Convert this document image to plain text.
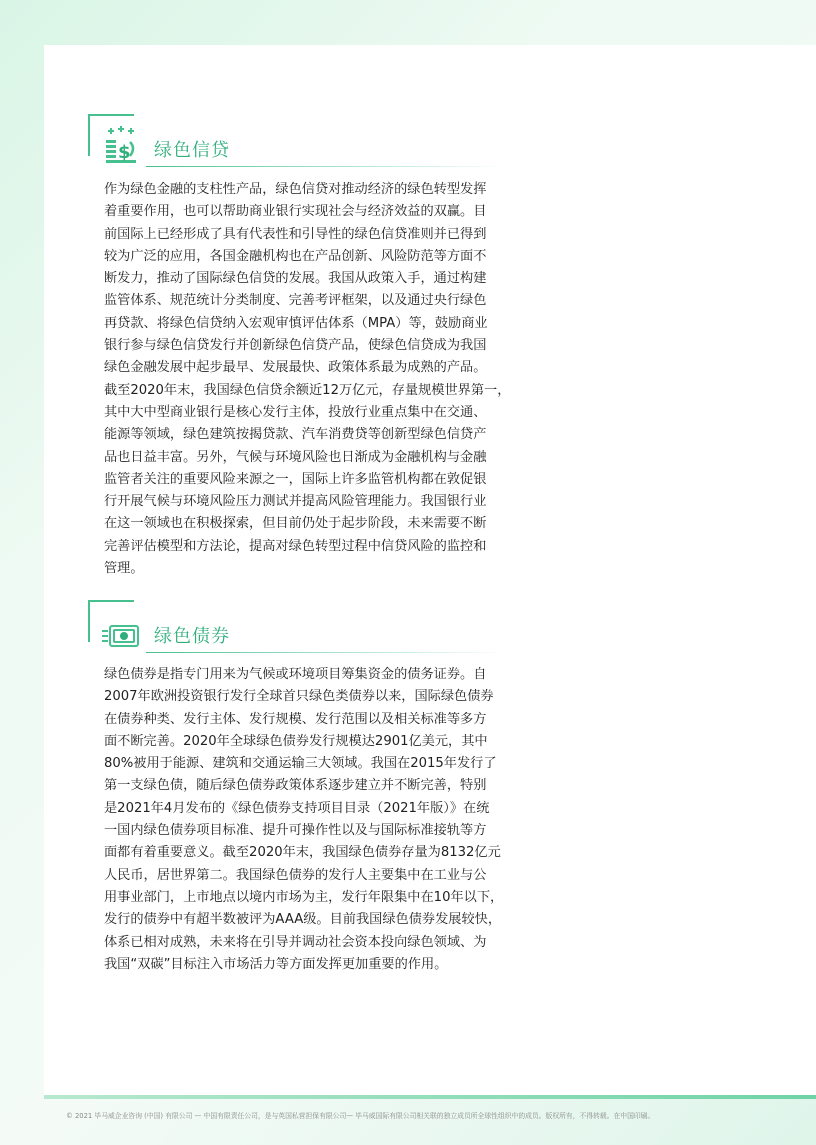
$ 绿色信贷

作为绿色金融的支柱性产品，绿色信贷对推动经济的绿色转型发挥
着重要作用，也可以帮助商业银行实现社会与经济效益的双赢。目
前国际上已经形成了具有代表性和引导性的绿色信贷准则并已得到
较为广泛的应用，各国金融机构也在产品创新、风险防范等方面不
断发力，推动了国际绿色信贷的发展。我国从政策入手，通过构建
监管体系、规范统计分类制度、完善考评框架，以及通过央行绿色
再贷款、将绿色信贷纳入宏观审慎评估体系（MPA）等，鼓励商业
银行参与绿色信贷发行并创新绿色信贷产品，使绿色信贷成为我国
绿色金融发展中起步最早、发展最快、政策体系最为成熟的产品。
截至2020年末，我国绿色信贷余额近12万亿元，存量规模世界第一，
其中大中型商业银行是核心发行主体，投放行业重点集中在交通、
能源等领域，绿色建筑按揭贷款、汽车消费贷等创新型绿色信贷产
品也日益丰富。另外，气候与环境风险也日渐成为金融机构与金融
监管者关注的重要风险来源之一，国际上许多监管机构都在敦促银
行开展气候与环境风险压力测试并提高风险管理能力。我国银行业
在这一领域也在积极探索，但目前仍处于起步阶段，未来需要不断
完善评估模型和方法论，提高对绿色转型过程中信贷风险的监控和
管理。

绿色债券

绿色债券是指专门用来为气候或环境项目筹集资金的债务证券。自
2007年欧洲投资银行发行全球首只绿色类债券以来，国际绿色债券
在债券种类、发行主体、发行规模、发行范围以及相关标准等多方
面不断完善。2020年全球绿色债券发行规模达2901亿美元，其中
80%被用于能源、建筑和交通运输三大领域。我国在2015年发行了
第一支绿色债，随后绿色债券政策体系逐步建立并不断完善，特别
是2021年4月发布的《绿色债券支持项目目录（2021年版）》在统
一国内绿色债券项目标准、提升可操作性以及与国际标准接轨等方
面都有着重要意义。截至2020年末，我国绿色债券存量为8132亿元
人民币，居世界第二。我国绿色债券的发行人主要集中在工业与公
用事业部门，上市地点以境内市场为主，发行年限集中在10年以下，
发行的债券中有超半数被评为AAA级。目前我国绿色债券发展较快，
体系已相对成熟，未来将在引导并调动社会资本投向绿色领域、为
我国“双碳”目标注入市场活力等方面发挥更加重要的作用。

© 2021 毕马威企业咨询 (中国) 有限公司 — 中国有限责任公司，是与英国私营担保有限公司— 毕马威国际有限公司相关联的独立成员所全球性组织中的成员。版权所有，不得转载。在中国印刷。
